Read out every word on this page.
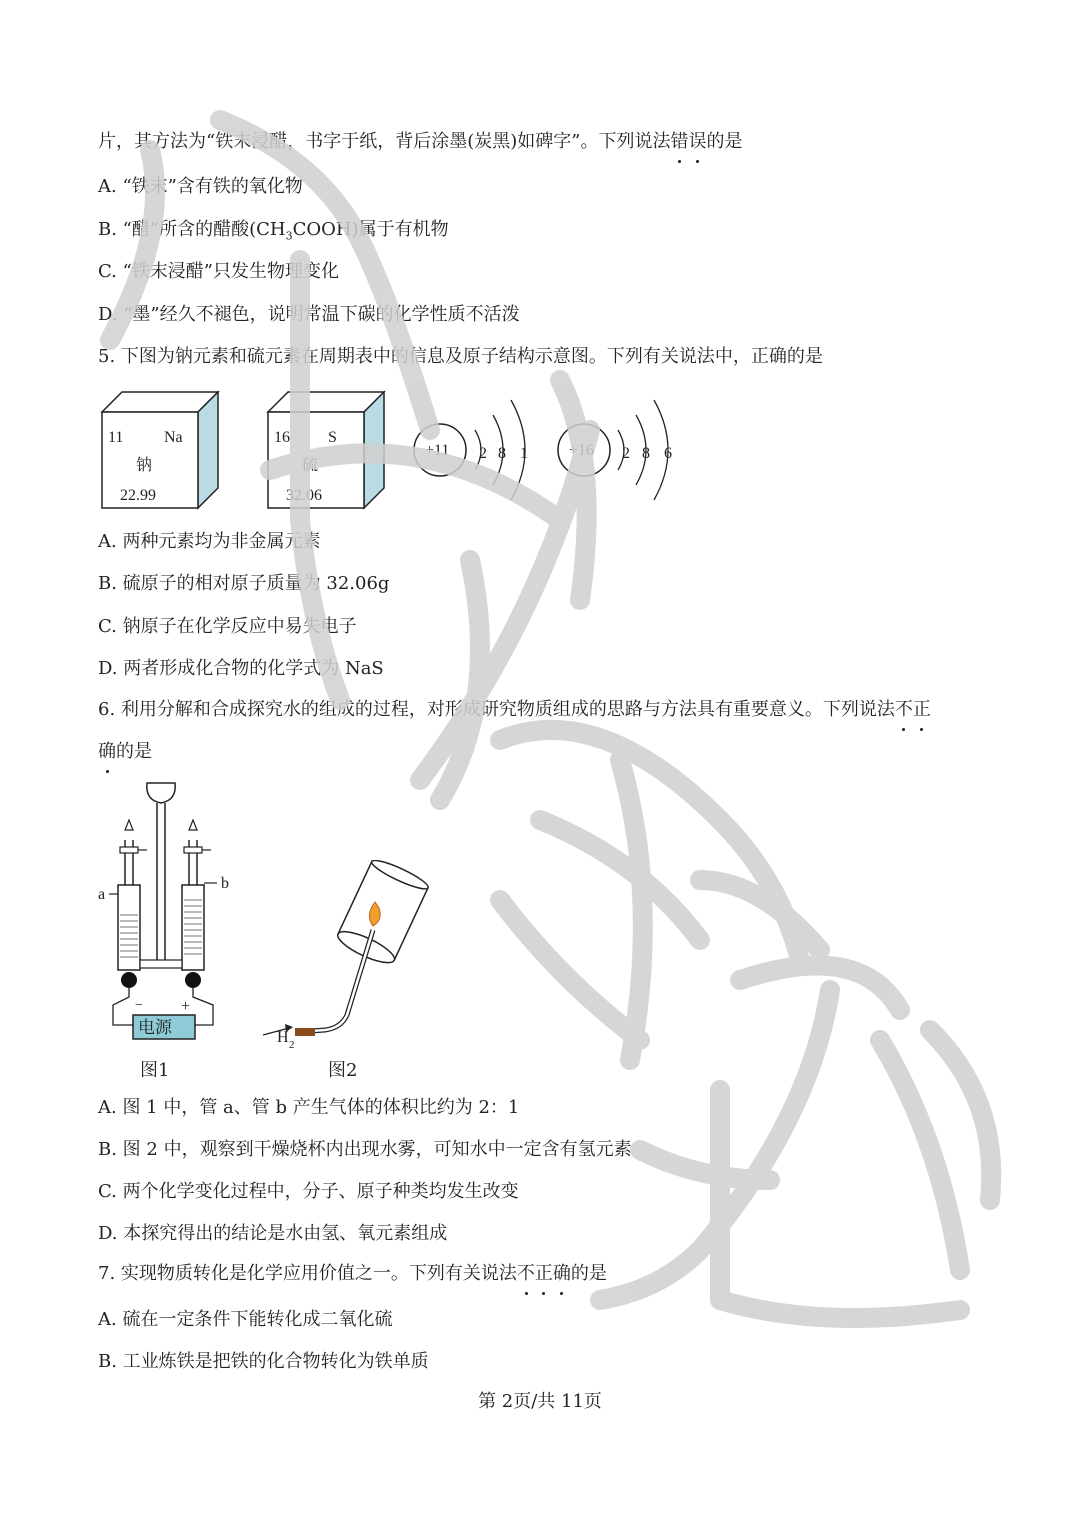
片，其方法为“铁末浸醋，书字于纸，背后涂墨(炭黑)如碑字”。下列说法错误
的是
A. “铁末”含有铁的氧化物
B. “醋”所含的醋酸$(CH_3COOH)$属于有机物
C. “铁末浸醋”只发生物理变化
D. “墨”经久不褪色，说明常温下碳的化学性质不活泼
5. 下图为钠元素和硫元素在周期表中的信息及原子结构示意图。下列有关说法中，正确的是
11	Na
钠
22.99
16 S
硫
32.06
+11 2 8 1	+16 2 8 6
A. 两种元素均为非金属元素
B. 硫原子的相对原子质量为 32.06g
C. 钠原子在化学反应中易失电子
D. 两者形成化合物的化学式为 NaS
6. 利用分解和合成探究水的组成的过程，对形成研究物质组成的思路与方法具有重要意义。下列说法不正
确
的是
a
b
− +
电源
图1
H 2
图2
A. 图 1 中，管 a、管 b 产生气体的体积比约为 2：1
B. 图 2 中，观察到干燥烧杯内出现水雾，可知水中一定含有氢元素
C. 两个化学变化过程中，分子、原子种类均发生改变
D. 本探究得出的结论是水由氢、氧元素组成
7. 实现物质转化是化学应用价值之一。下列有关说法不正确
的是
A. 硫在一定条件下能转化成二氧化硫
B. 工业炼铁是把铁的化合物转化为铁单质
第 2页/共 11页
